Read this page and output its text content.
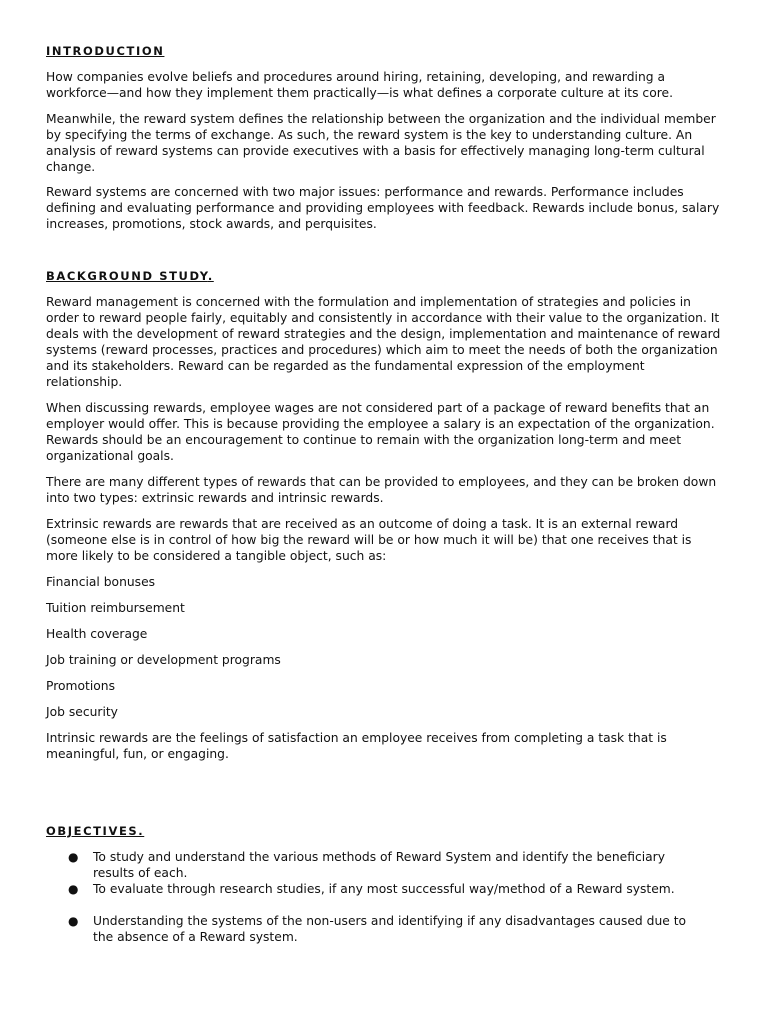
INTRODUCTION

How companies evolve beliefs and procedures around hiring, retaining, developing, and rewarding a workforce—and how they implement them practically—is what defines a corporate culture at its core.

Meanwhile, the reward system defines the relationship between the organization and the individual member by specifying the terms of exchange. As such, the reward system is the key to understanding culture. An analysis of reward systems can provide executives with a basis for effectively managing long-term cultural change.

Reward systems are concerned with two major issues: performance and rewards. Performance includes defining and evaluating performance and providing employees with feedback. Rewards include bonus, salary increases, promotions, stock awards, and perquisites.

BACKGROUND STUDY.

Reward management is concerned with the formulation and implementation of strategies and policies in order to reward people fairly, equitably and consistently in accordance with their value to the organization. It deals with the development of reward strategies and the design, implementation and maintenance of reward systems (reward processes, practices and procedures) which aim to meet the needs of both the organization and its stakeholders. Reward can be regarded as the fundamental expression of the employment relationship.

When discussing rewards, employee wages are not considered part of a package of reward benefits that an employer would offer. This is because providing the employee a salary is an expectation of the organization. Rewards should be an encouragement to continue to remain with the organization long-term and meet organizational goals.

There are many different types of rewards that can be provided to employees, and they can be broken down into two types: extrinsic rewards and intrinsic rewards.

Extrinsic rewards are rewards that are received as an outcome of doing a task. It is an external reward (someone else is in control of how big the reward will be or how much it will be) that one receives that is more likely to be considered a tangible object, such as:

Financial bonuses
Tuition reimbursement
Health coverage
Job training or development programs
Promotions
Job security

Intrinsic rewards are the feelings of satisfaction an employee receives from completing a task that is meaningful, fun, or engaging.

OBJECTIVES.
● To study and understand the various methods of Reward System and identify the beneficiary results of each.
● To evaluate through research studies, if any most successful way/method of a Reward system.
● Understanding the systems of the non-users and identifying if any disadvantages caused due to the absence of a Reward system.
